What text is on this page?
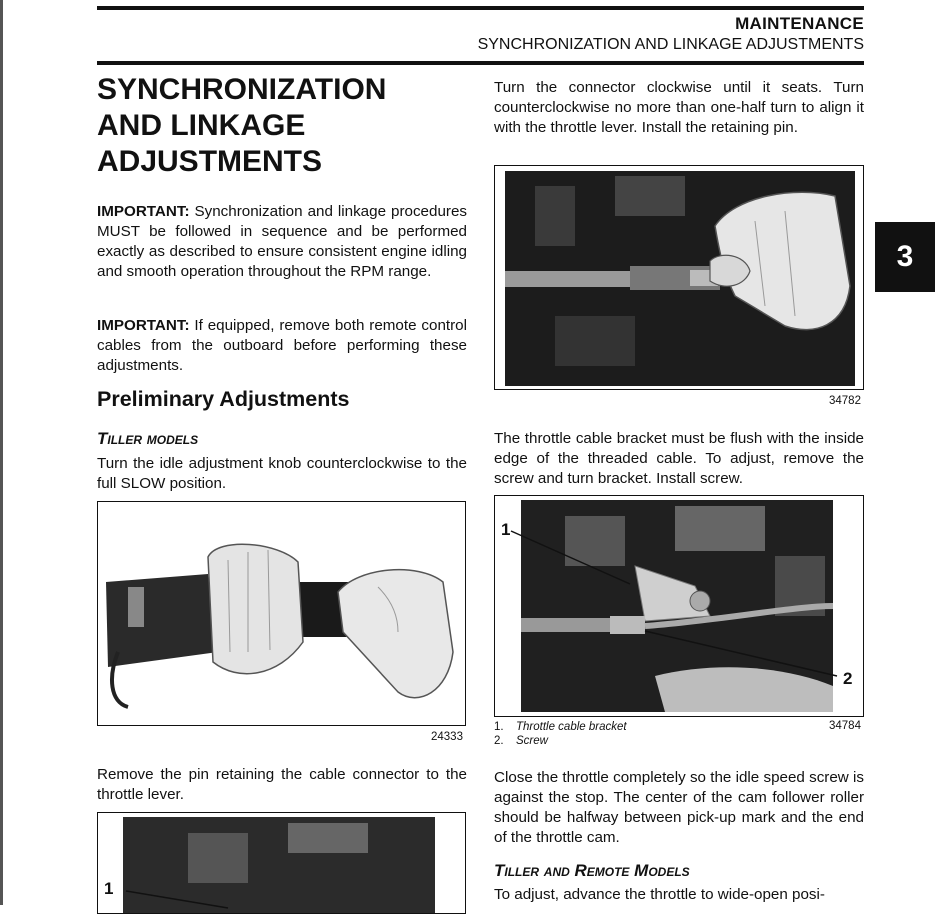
MAINTENANCE
SYNCHRONIZATION AND LINKAGE ADJUSTMENTS
3
SYNCHRONIZATION
AND LINKAGE
ADJUSTMENTS
IMPORTANT: Synchronization and linkage procedures MUST be followed in sequence and be performed exactly as described to ensure consistent engine idling and smooth operation throughout the RPM range.
IMPORTANT: If equipped, remove both remote control cables from the outboard before performing these adjustments.
Preliminary Adjustments
Tiller models
Turn the idle adjustment knob counterclockwise to the full SLOW position.
24333
Remove the pin retaining the cable connector to the throttle lever.
1
Turn the connector clockwise until it seats. Turn counterclockwise no more than one-half turn to align it with the throttle lever. Install the retaining pin.
34782
The throttle cable bracket must be flush with the inside edge of the threaded cable. To adjust, remove the screw and turn bracket. Install screw.
1
2
1. Throttle cable bracket
2. Screw
34784
Close the throttle completely so the idle speed screw is against the stop. The center of the cam follower roller should be halfway between pick-up mark and the end of the throttle cam.
Tiller and Remote Models
To adjust, advance the throttle to wide-open posi-
